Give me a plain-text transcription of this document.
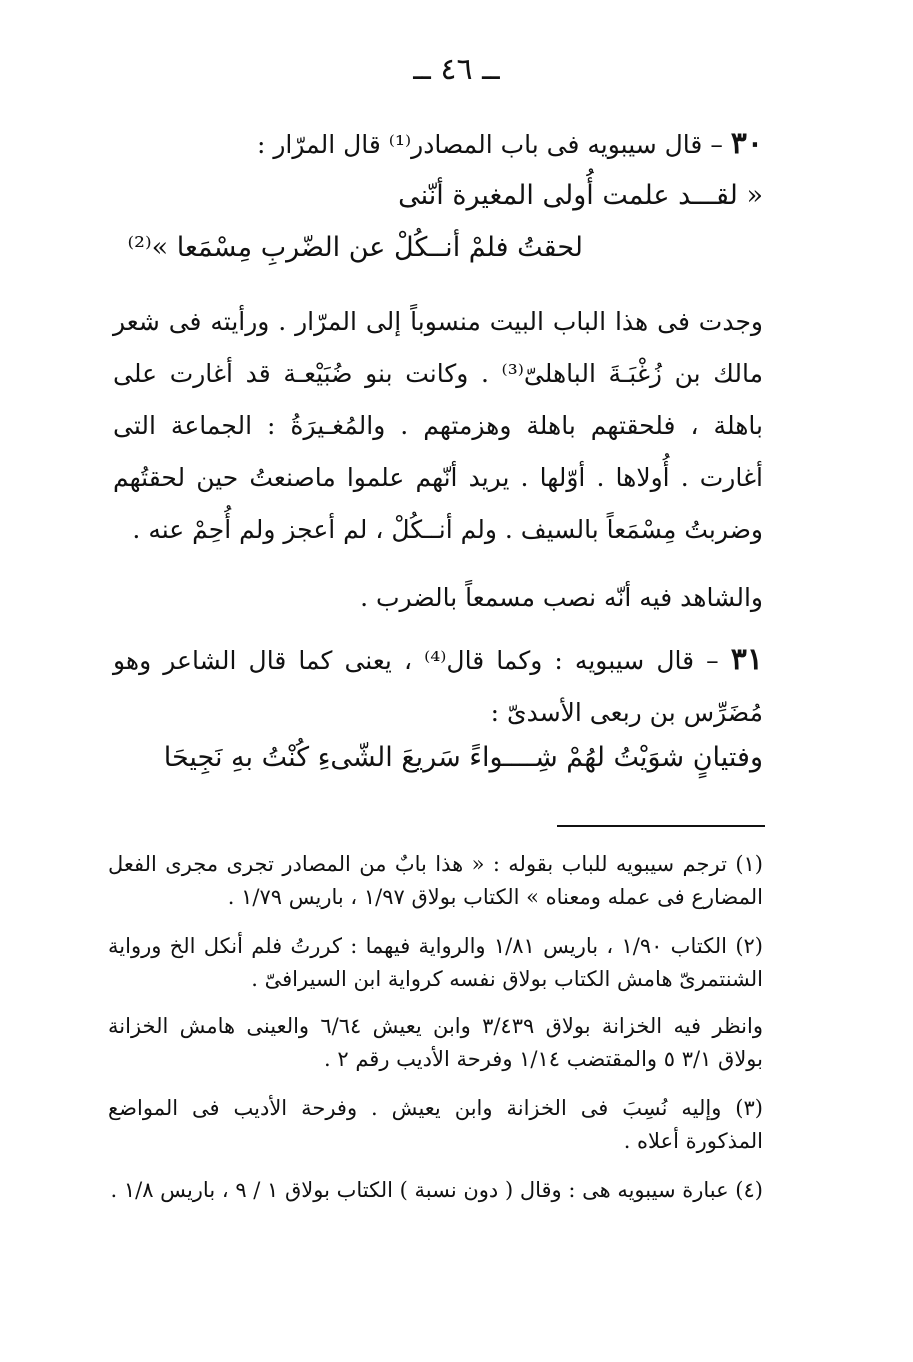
ــ ٤٦ ــ
٣٠ – قال سيبويه فى باب المصادر⁽¹⁾ قال المرّار :
« لقـــد علمت أُولى المغيرة أنّنى
لحقتُ فلمْ أنــكُلْ عن الضّربِ مِسْمَعا »⁽²⁾
وجدت فى هذا الباب البيت منسوباً إلى المرّار . ورأيته فى شعر مالك بن زُغْبَـةَ الباهلىّ⁽³⁾ . وكانت بنو ضُبَيْعـة قد أغارت على باهلة ، فلحقتهم باهلة وهزمتهم . والمُغـيرَةُ : الجماعة التى أغارت . أُولاها . أوّلها . يريد أنّهم علموا ماصنعتُ حين لحقتُهم وضربتُ مِسْمَعاً بالسيف . ولم أنــكُلْ ، لم أعجز ولم أُحِمْ عنه .
والشاهد فيه أنّه نصب مسمعاً بالضرب .
٣١ – قال سيبويه : وكما قال⁽⁴⁾ ، يعنى كما قال الشاعر وهو مُضَرِّس بن ربعى الأسدىّ :
وفتيانٍ شوَيْتُ لهُمْ شِــــواءً سَريعَ الشّىءِ كُنْتُ بهِ نَجِيحَا
(١) ترجم سيبويه للباب بقوله : « هذا بابٌ من المصادر تجرى مجرى الفعل المضارع فى عمله ومعناه » الكتاب بولاق ١/٩٧ ، باريس ١/٧٩ .
(٢) الكتاب ١/٩٠ ، باريس ١/٨١ والرواية فيهما : كررتُ فلم أنكل الخ ورواية الشنتمرىّ هامش الكتاب بولاق نفسه كرواية ابن السيرافىّ .
وانظر فيه الخزانة بولاق ٣/٤٣٩ وابن يعيش ٦/٦٤ والعينى هامش الخزانة بولاق ٣/١ ٥ والمقتضب ١/١٤ وفرحة الأديب رقم ٢ .
(٣) وإليه نُسِبَ فى الخزانة وابن يعيش . وفرحة الأديب فى المواضع المذكورة أعلاه .
(٤) عبارة سيبويه هى : وقال ( دون نسبة ) الكتاب بولاق ١ / ٩ ، باريس ١/٨ .
